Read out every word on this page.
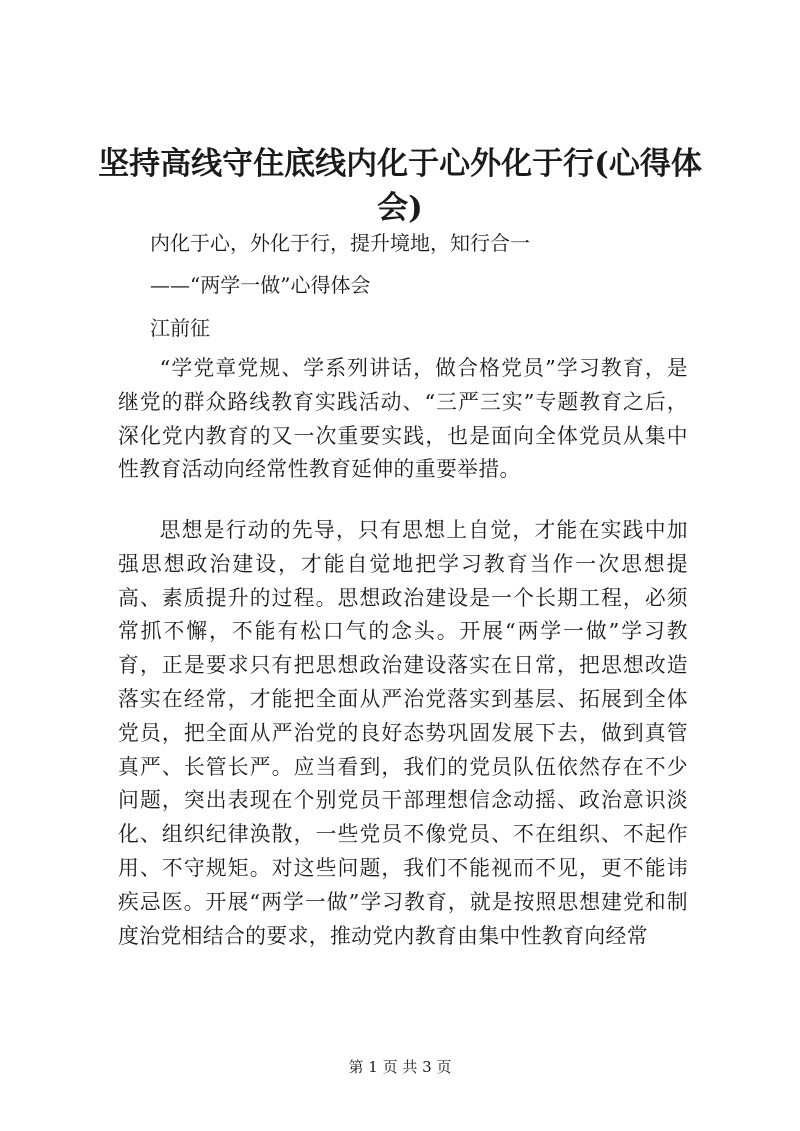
坚持高线守住底线内化于心外化于行(心得体会)
内化于心，外化于行，提升境地，知行合一
——“两学一做”心得体会
江前征
“学党章党规、学系列讲话，做合格党员”学习教育，是继党的群众路线教育实践活动、“三严三实”专题教育之后，深化党内教育的又一次重要实践，也是面向全体党员从集中性教育活动向经常性教育延伸的重要举措。
思想是行动的先导，只有思想上自觉，才能在实践中加强思想政治建设，才能自觉地把学习教育当作一次思想提高、素质提升的过程。思想政治建设是一个长期工程，必须常抓不懈，不能有松口气的念头。开展“两学一做”学习教育，正是要求只有把思想政治建设落实在日常，把思想改造落实在经常，才能把全面从严治党落实到基层、拓展到全体党员，把全面从严治党的良好态势巩固发展下去，做到真管真严、长管长严。应当看到，我们的党员队伍依然存在不少问题，突出表现在个别党员干部理想信念动摇、政治意识淡化、组织纪律涣散，一些党员不像党员、不在组织、不起作用、不守规矩。对这些问题，我们不能视而不见，更不能讳疾忌医。开展“两学一做”学习教育，就是按照思想建党和制度治党相结合的要求，推动党内教育由集中性教育向经常
第 1 页 共 3 页
